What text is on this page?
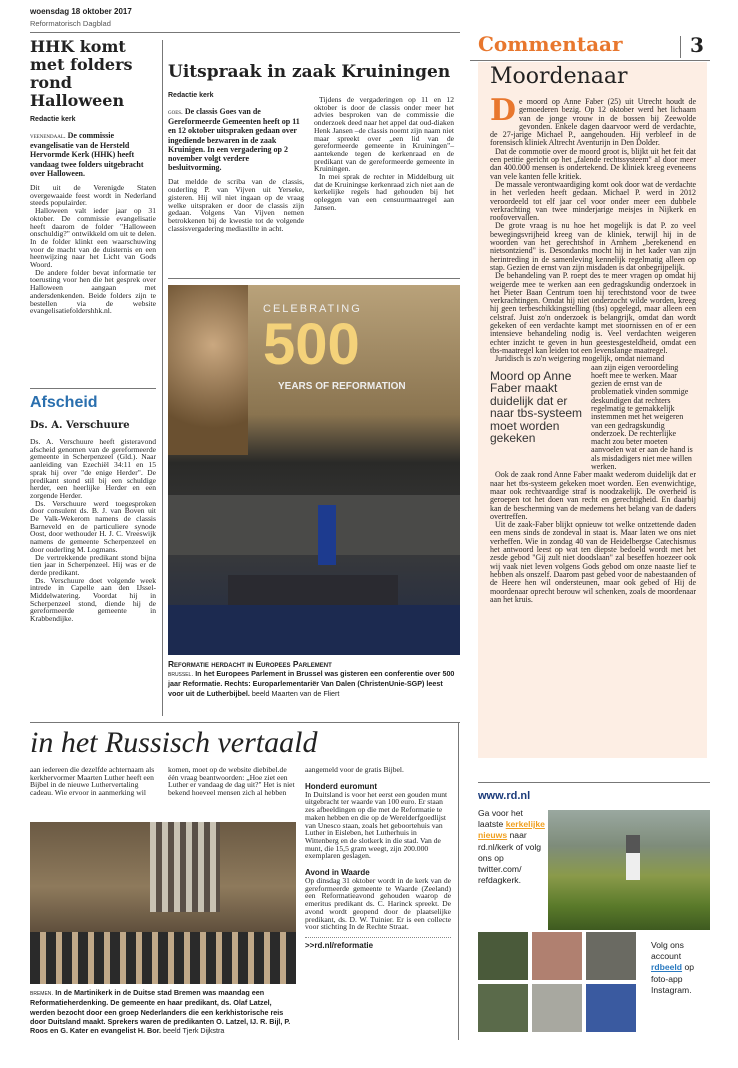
woensdag 18 oktober 2017
Reformatorisch Dagblad
Commentaar	3
HHK komt met folders rond Halloween
Redactie kerk
veenendaal. De commissie evangelisatie van de Hersteld Hervormde Kerk (HHK) heeft vandaag twee folders uitgebracht over Halloween.

Dit uit de Verenigde Staten overgewaaide feest wordt in Nederland steeds populairder.

Halloween valt ieder jaar op 31 oktober. De commissie evangelisatie heeft daarom de folder "Halloween onschuldig?" ontwikkeld om uit te delen. In de folder klinkt een waarschuwing voor de macht van de duisternis en een heenwijzing naar het Licht van Gods Woord.

De andere folder bevat informatie ter toerusting voor hen die het gesprek over Halloween aangaan met andersdenkenden. Beide folders zijn te bestellen via de website evangelisatiefoldershhk.nl.

Afscheid
Ds. A. Verschuure

Ds. A. Verschuure heeft gisteravond afscheid genomen van de gereformeerde gemeente in Scherpenzeel (Gld.). Naar aanleiding van Ezechiël 34:11 en 15 sprak hij over "de enige Herder". De predikant stond stil bij een schuldige herder, een heerlijke Herder en een zorgende Herder.

Ds. Verschuure werd toegesproken door consulent ds. B. J. van Boven uit De Valk-Wekerom namens de classis Barneveld en de particuliere synode Oost, door wethouder H. J. C. Vreeswijk namens de gemeente Scherpenzeel en door ouderling M. Logmans.

De vertrekkende predikant stond bijna tien jaar in Scherpenzeel. Hij was er de derde predikant.

Ds. Verschuure doet volgende week intrede in Capelle aan den IJssel-Middelwatering. Voordat hij in Scherpenzeel stond, diende hij de gereformeerde gemeente in Krabbendijke.

Uitspraak in zaak Kruiningen
Redactie kerk
goes. De classis Goes van de Gereformeerde Gemeenten heeft op 11 en 12 oktober uitspraken gedaan over ingediende bezwaren in de zaak Kruinigen. In een vergadering op 2 november volgt verdere besluitvorming.

Dat meldde de scriba van de classis, ouderling P. van Vijven uit Yerseke, gisteren. Hij wil niet ingaan op de vraag welke uitspraken er door de classis zijn gedaan. Volgens Van Vijven nemen betrokkenen bij de kwestie tot de volgende classisvergadering mediastilte in acht.

Tijdens de vergaderingen op 11 en 12 oktober is door de classis onder meer het advies besproken van de commissie die onderzoek deed naar het appel dat oud-diaken Henk Jansen –de classis noemt zijn naam niet maar spreekt over „een lid van de gereformeerde gemeente in Kruiningen"– aantekende tegen de kerkenraad en de predikant van de gereformeerde gemeente in Kruiningen.

In mei sprak de rechter in Middelburg uit dat de Kruiningse kerkenraad zich niet aan de kerkelijke regels had gehouden bij het opleggen van een censuurmaatregel aan Jansen.

CELEBRATING
500
YEARS OF REFORMATION
Reformatie herdacht in Europees Parlement
brussel. In het Europees Parlement in Brussel was gisteren een conferentie over 500 jaar Reformatie. Rechts: Europarlementariër Van Dalen (ChristenUnie-SGP) leest voor uit de Lutherbijbel. beeld Maarten van de Fliert
in het Russisch vertaald

aan iedereen die dezelfde achternaam als kerkhervormer Maarten Luther heeft een Bijbel in de nieuwe Luthervertaling cadeau. Wie ervoor in aanmerking wil

komen, moet op de website diebibel.de één vraag beantwoorden: „Hoe ziet een Luther er vandaag de dag uit?" Het is niet bekend hoeveel mensen zich al hebben

aangemeld voor de gratis Bijbel.

Honderd euromunt

In Duitsland is voor het eerst een gouden munt uitgebracht ter waarde van 100 euro. Er staan zes afbeeldingen op die met de Reformatie te maken hebben en die op de Werelderfgoedlijst van Unesco staan, zoals het geboortehuis van Luther in Eisleben, het Lutherhuis in Wittenberg en de slotkerk in die stad. Van de munt, die 15,5 gram weegt, zijn 200.000 exemplaren geslagen.

Avond in Waarde

Op dinsdag 31 oktober wordt in de kerk van de gereformeerde gemeente te Waarde (Zeeland) een Reformatieavond gehouden waarop de emeritus predikant ds. C. Harinck spreekt. De avond wordt geopend door de plaatselijke predikant, ds. D. W. Tuinier. Er is een collecte voor stichting In de Rechte Straat.

>>rd.nl/reformatie
bremen. In de Martinikerk in de Duitse stad Bremen was maandag een Reformatieherdenking. De gemeente en haar predikant, ds. Olaf Latzel, werden bezocht door een groep Nederlanders die een kerkhistorische reis door Duitsland maakt. Sprekers waren de predikanten O. Latzel, IJ. R. Bijl, P. Roos en G. Kater en evangelist H. Bor. beeld Tjerk Dijkstra
Moordenaar

De moord op Anne Faber (25) uit Utrecht houdt de gemoederen bezig. Op 12 oktober werd het lichaam van de jonge vrouw in de bossen bij Zeewolde gevonden. Enkele dagen daarvoor werd de verdachte, de 27-jarige Michael P., aangehouden. Hij verbleef in de forensisch kliniek Altrecht Aventurijn in Den Dolder.

Dat de commotie over de moord groot is, blijkt uit het feit dat een petitie gericht op het „falende rechtssysteem" al door meer dan 400.000 mensen is ondertekend. De kliniek kreeg eveneens van vele kanten felle kritiek.

De massale verontwaardiging komt ook door wat de verdachte in het verleden heeft gedaan. Michael P. werd in 2012 veroordeeld tot elf jaar cel voor onder meer een dubbele verkrachting van twee minderjarige meisjes in Nijkerk en roofovervallen.

De grote vraag is nu hoe het mogelijk is dat P. zo veel bewegingsvrijheid kreeg van de kliniek, terwijl hij in de woorden van het gerechtshof in Arnhem „berekenend en nietsontziend" is. Desondanks mocht hij in het kader van zijn herintreding in de samenleving kennelijk regelmatig alleen op stap. Gezien de ernst van zijn misdaden is dat onbegrijpelijk.

De behandeling van P. roept des te meer vragen op omdat hij weigerde mee te werken aan een gedragskundig onderzoek in het Pieter Baan Centrum toen hij terechtstond voor de twee verkrachtingen. Omdat hij niet onderzocht wilde worden, kreeg hij geen terbeschikkingstelling (tbs) opgelegd, maar alleen een celstraf. Juist zo'n onderzoek is belangrijk, omdat dan wordt gekeken of een verdachte kampt met stoornissen en of er een intensieve behandeling nodig is. Veel verdachten weigeren echter inzicht te geven in hun geestesgesteldheid, omdat een tbs-maatregel kan leiden tot een levenslange maatregel.

Juridisch is zo'n weigering mogelijk, omdat niemand

Moord op Anne Faber maakt duidelijk dat er naar tbs-systeem moet worden gekeken

aan zijn eigen veroordeling hoeft mee te werken. Maar gezien de ernst van de problematiek vinden sommige deskundigen dat rechters regelmatig te gemakkelijk instemmen met het weigeren van een gedragskundig onderzoek. De rechterlijke macht zou beter moeten aanvoelen wat er aan de hand is als misdadigers niet mee willen werken.

Ook de zaak rond Anne Faber maakt wederom duidelijk dat er naar het tbs-systeem gekeken moet worden. Een evenwichtige, maar ook rechtvaardige straf is noodzakelijk. De overheid is geroepen tot het doen van recht en gerechtigheid. En daarbij kan de bescherming van de medemens het belang van de daders overtreffen.

Uit de zaak-Faber blijkt opnieuw tot welke ontzettende daden een mens sinds de zondeval in staat is. Maar laten we ons niet verheffen. Wie in zondag 40 van de Heidelbergse Catechismus het antwoord leest op wat ten diepste bedoeld wordt met het zesde gebod "Gij zult niet doodslaan" zal beseffen hoezeer ook wij vaak niet leven volgens Gods gebod om onze naaste lief te hebben als onszelf. Daarom past gebed voor de nabestaanden of de Heere hen wil ondersteunen, maar ook gebed of Hij de moordenaar oprecht berouw wil schenken, zoals de moordenaar aan het kruis.

www.rd.nl
Ga voor het laatste kerkelijke nieuws naar rd.nl/kerk of volg ons op twitter.com/ refdagkerk.
Volg ons account rdbeeld op foto-app Instagram.
